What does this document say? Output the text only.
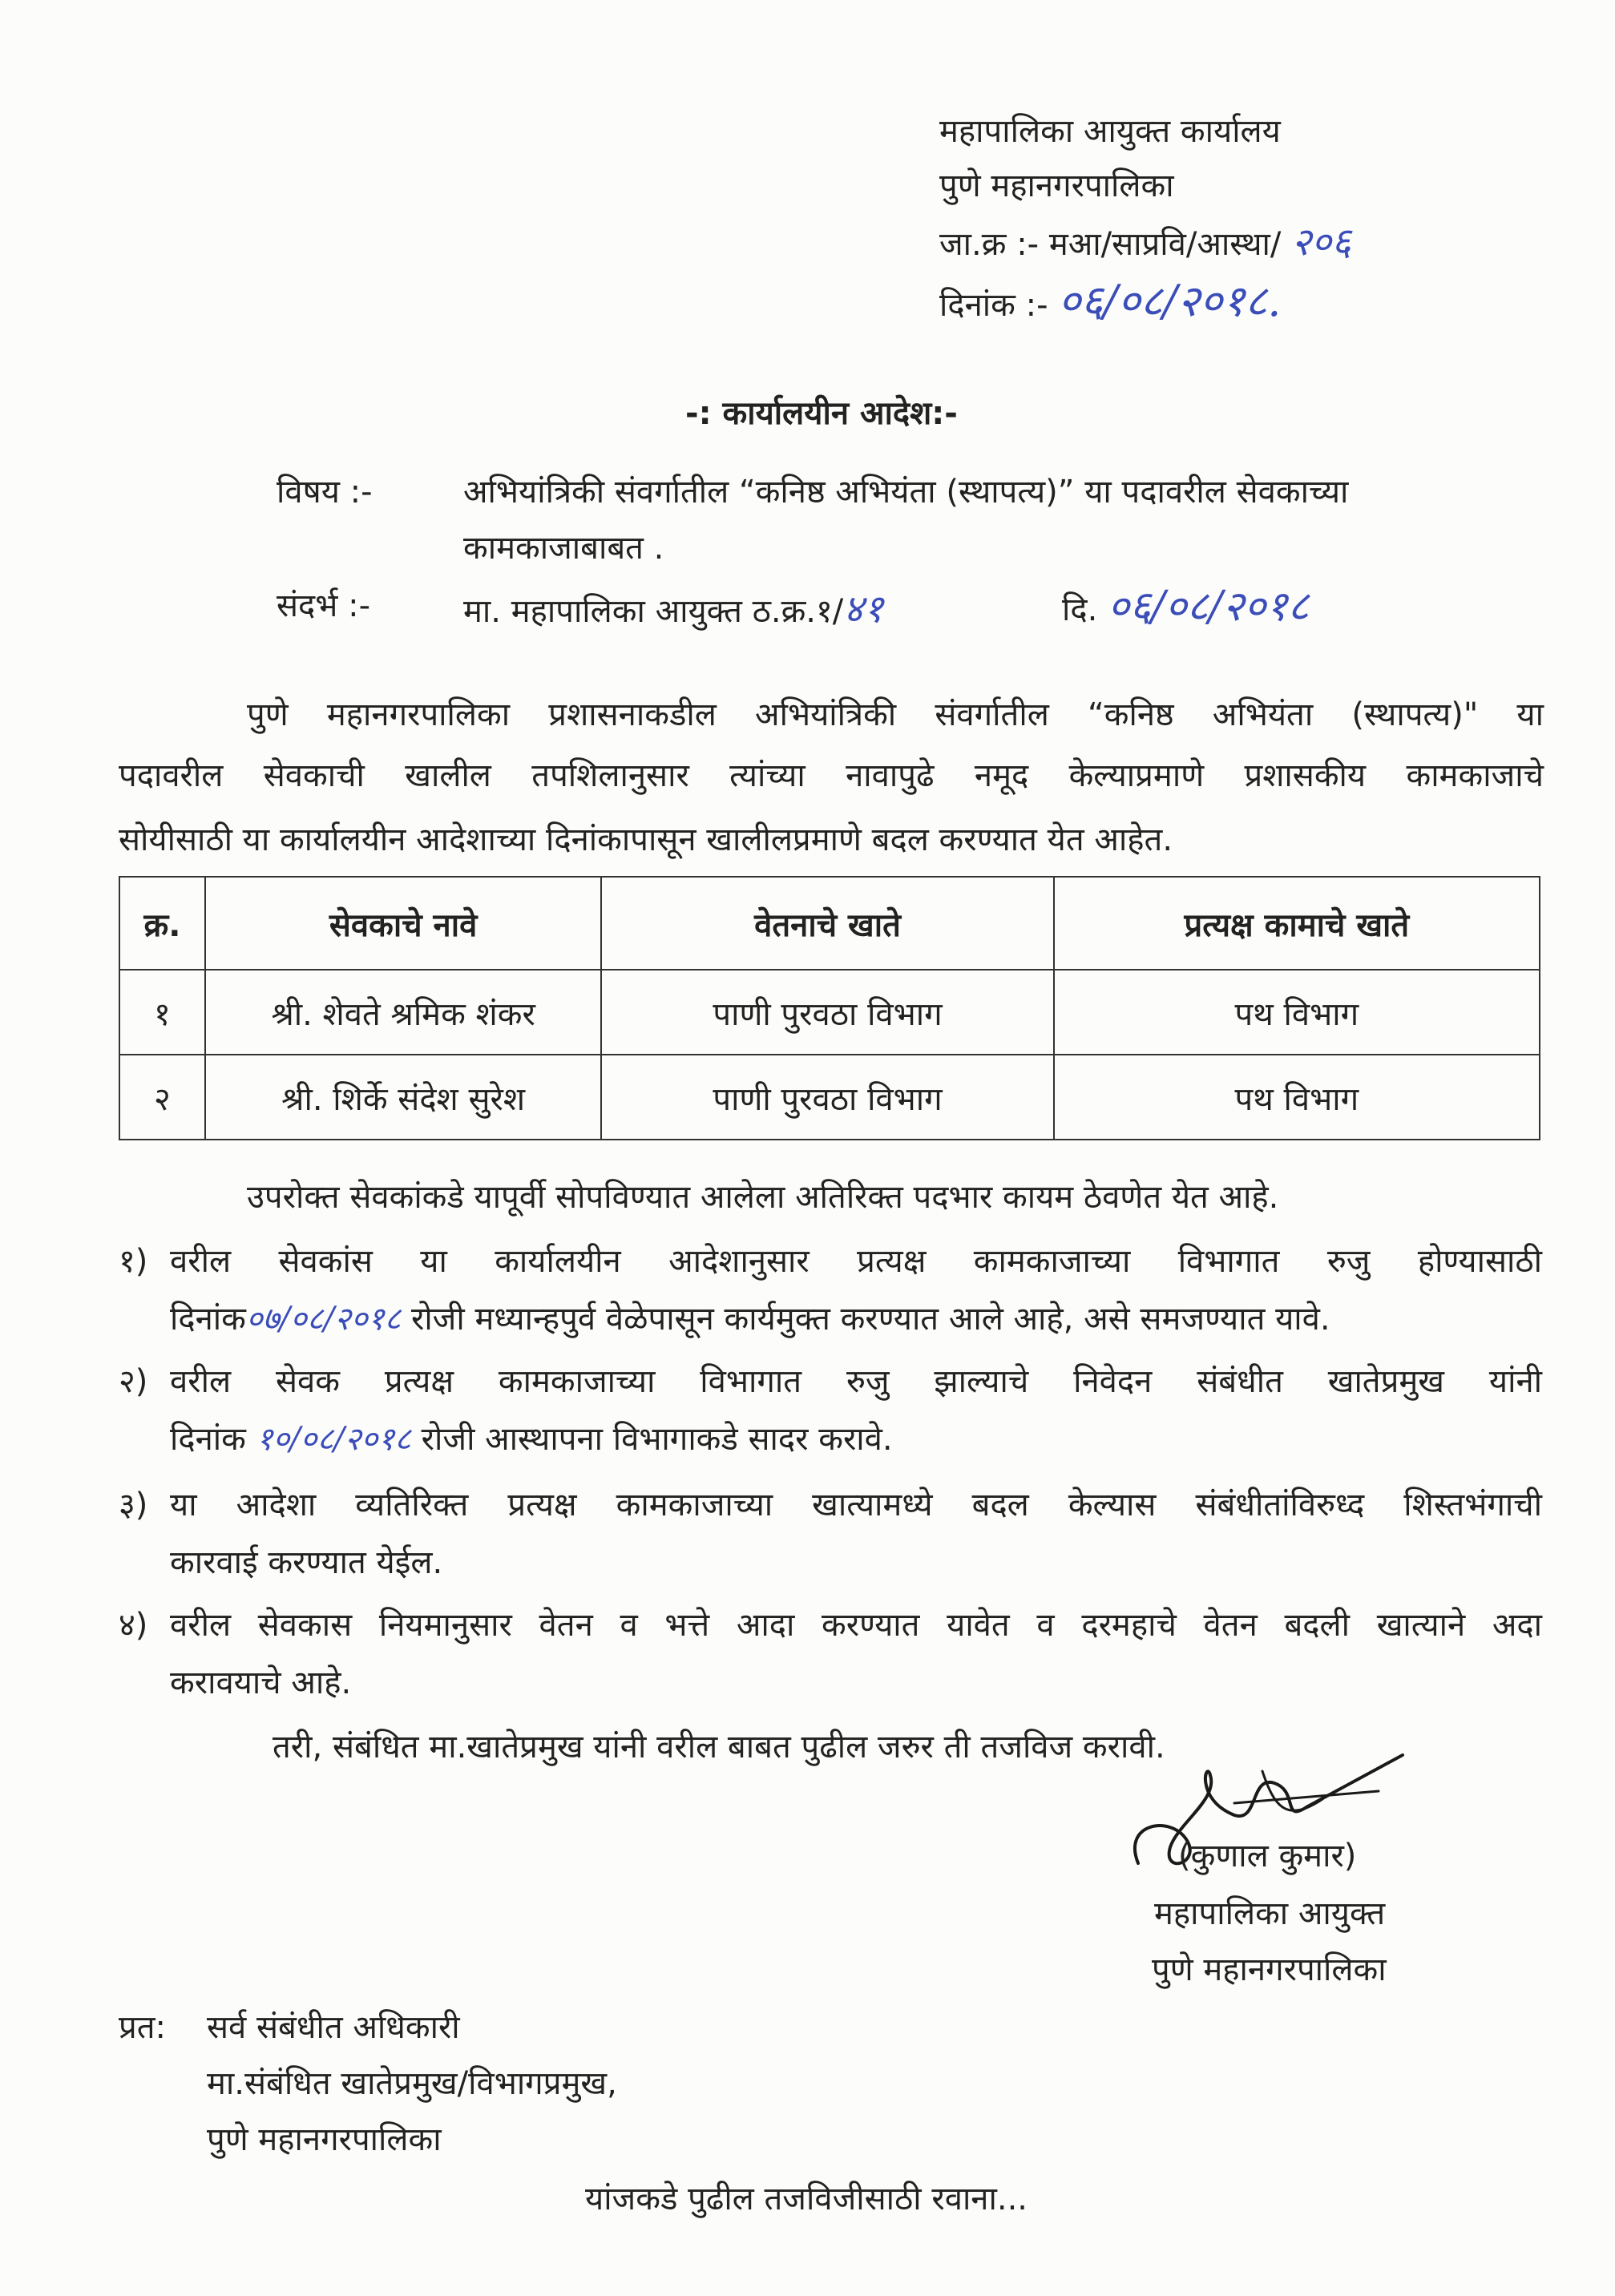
महापालिका आयुक्त कार्यालय
पुणे महानगरपालिका
जा.क्र :- मआ/साप्रवि/आस्था/ २०६
दिनांक :- ०६/०८/२०१८.
-: कार्यालयीन आदेश:-
विषय :-	अभियांत्रिकी संवर्गातील “कनिष्ठ अभियंता (स्थापत्य)” या पदावरील सेवकाच्या
कामकाजाबाबत .
संदर्भ :-	मा. महापालिका आयुक्त ठ.क्र.१/४१	दि. ०६/०८/२०१८
पुणे महानगरपालिका प्रशासनाकडील अभियांत्रिकी संवर्गातील “कनिष्ठ अभियंता (स्थापत्य)" या
पदावरील सेवकाची खालील तपशिलानुसार त्यांच्या नावापुढे नमूद केल्याप्रमाणे प्रशासकीय कामकाजाचे
सोयीसाठी या कार्यालयीन आदेशाच्या दिनांकापासून खालीलप्रमाणे बदल करण्यात येत आहेत.
क्र.	सेवकाचे नावे	वेतनाचे खाते	प्रत्यक्ष कामाचे खाते
१	श्री. शेवते श्रमिक शंकर	पाणी पुरवठा विभाग	पथ विभाग
२	श्री. शिर्के संदेश सुरेश	पाणी पुरवठा विभाग	पथ विभाग
उपरोक्त सेवकांकडे यापूर्वी सोपविण्यात आलेला अतिरिक्त पदभार कायम ठेवणेत येत आहे.
१) वरील सेवकांस या कार्यालयीन आदेशानुसार प्रत्यक्ष कामकाजाच्या विभागात रुजु होण्यासाठी
दिनांक०७/०८/२०१८ रोजी मध्यान्हपुर्व वेळेपासून कार्यमुक्त करण्यात आले आहे, असे समजण्यात यावे.
२) वरील सेवक प्रत्यक्ष कामकाजाच्या विभागात रुजु झाल्याचे निवेदन संबंधीत खातेप्रमुख यांनी
दिनांक १०/०८/२०१८ रोजी आस्थापना विभागाकडे सादर करावे.
३) या आदेशा व्यतिरिक्त प्रत्यक्ष कामकाजाच्या खात्यामध्ये बदल केल्यास संबंधीतांविरुध्द शिस्तभंगाची
कारवाई करण्यात येईल.
४) वरील सेवकास नियमानुसार वेतन व भत्ते आदा करण्यात यावेत व दरमहाचे वेतन बदली खात्याने अदा
करावयाचे आहे.
तरी, संबंधित मा.खातेप्रमुख यांनी वरील बाबत पुढील जरुर ती तजविज करावी.
(कुणाल कुमार)
महापालिका आयुक्त
पुणे महानगरपालिका
प्रत: सर्व संबंधीत अधिकारी
मा.संबंधित खातेप्रमुख/विभागप्रमुख,
पुणे महानगरपालिका
यांजकडे पुढील तजविजीसाठी रवाना...
